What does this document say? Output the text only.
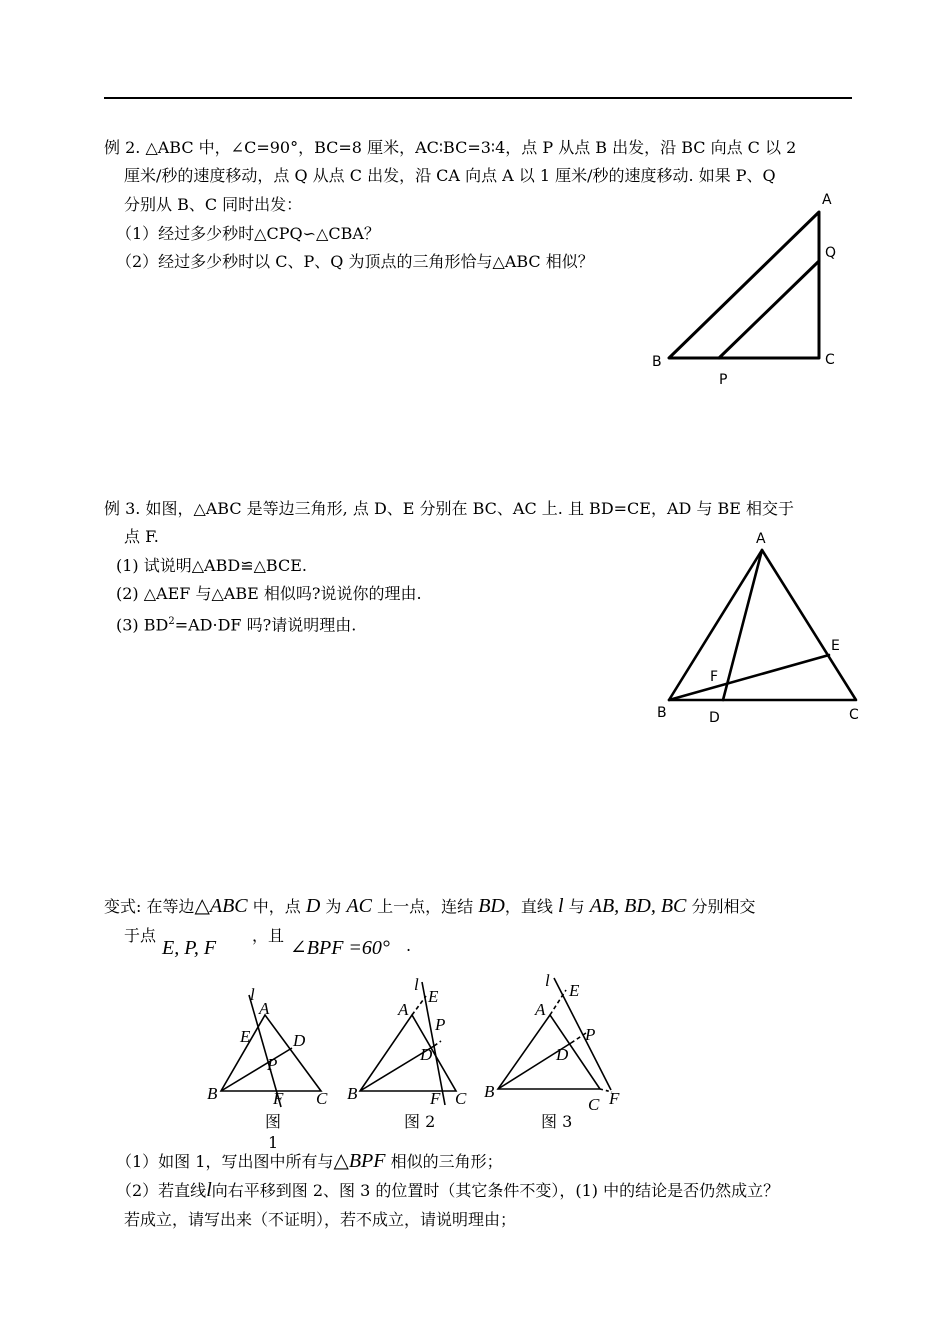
例 2. △ABC 中，∠C=90°，BC=8 厘米，AC∶BC=3∶4，点 P 从点 B 出发，沿 BC 向点 C 以 2
厘米/秒的速度移动，点 Q 从点 C 出发，沿 CA 向点 A 以 1 厘米/秒的速度移动. 如果 P、Q
分别从 B、C 同时出发：
（1）经过多少秒时△CPQ∽△CBA？
（2）经过多少秒时以 C、P、Q 为顶点的三角形恰与△ABC 相似？
A
Q
B
P
C
例 3. 如图，△ABC 是等边三角形, 点 D、E 分别在 BC、AC 上. 且 BD=CE，AD 与 BE 相交于
点 F.
(1) 试说明△ABD≌△BCE.
(2) △AEF 与△ABE 相似吗?说说你的理由.
(3) $BD^2=AD\cdot DF$ 吗?请说明理由.
A
E
F
B	D	C
变式: 在等边△ABC 中，点 D 为 AC 上一点，连结 BD，直线 l 与 AB, BD, BC 分别相交
于点
E, P, F
，且
∠BPF =60° .
l
A
E	D
P
B	F C
图
1
l
E
A
P
D
B	F C
图 2
l
E
A
P
D
B
C F
图 3
（1）如图 1，写出图中所有与△BPF 相似的三角形；
（2）若直线l向右平移到图 2、图 3 的位置时（其它条件不变），(1) 中的结论是否仍然成立？
若成立，请写出来（不证明），若不成立，请说明理由；
